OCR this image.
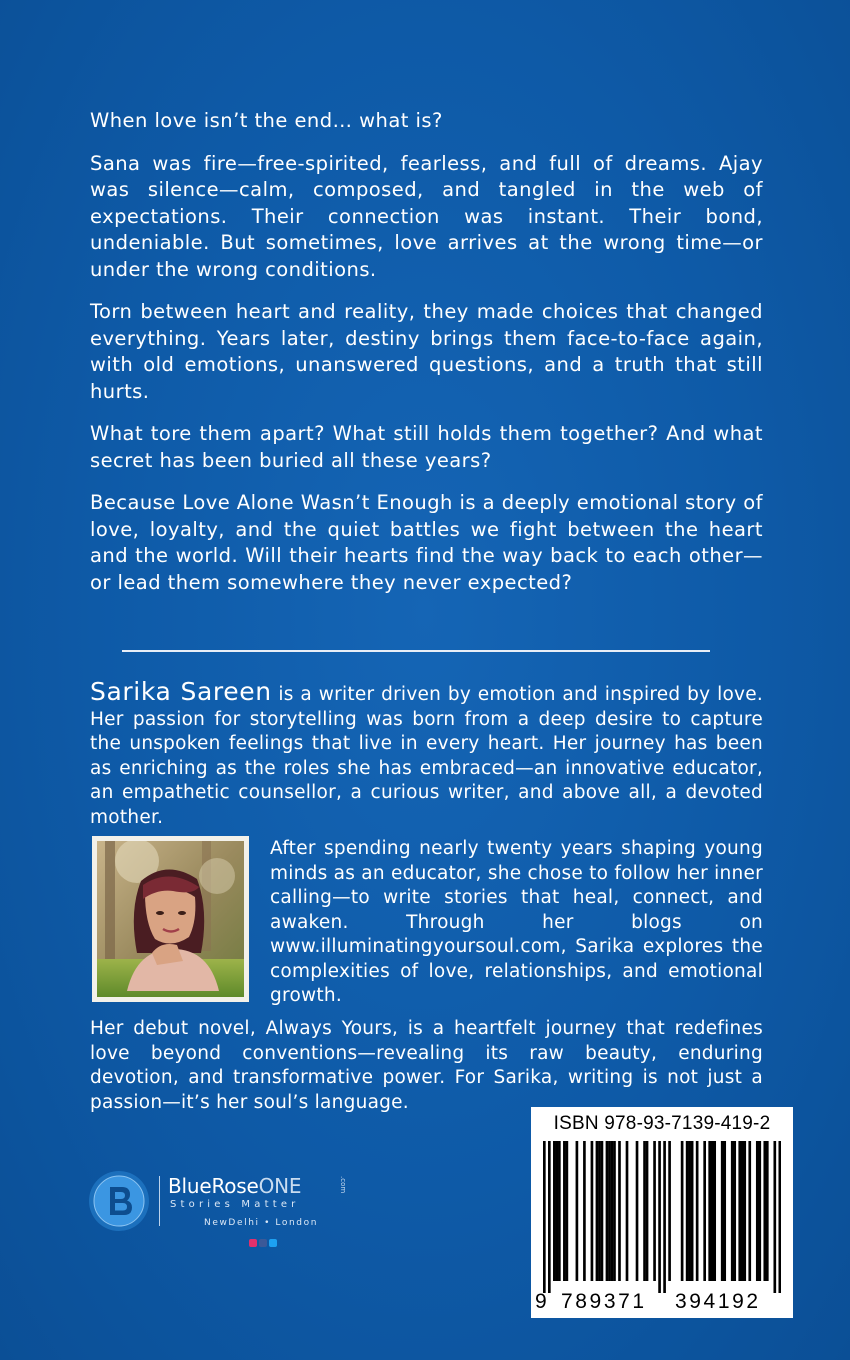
When love isn’t the end… what is?

Sana was fire—free-spirited, fearless, and full of dreams. Ajay was silence—calm, composed, and tangled in the web of expectations. Their connection was instant. Their bond, undeniable. But sometimes, love arrives at the wrong time—or under the wrong conditions.

Torn between heart and reality, they made choices that changed everything. Years later, destiny brings them face-to-face again, with old emotions, unanswered questions, and a truth that still hurts.

What tore them apart? What still holds them together? And what secret has been buried all these years?

Because Love Alone Wasn’t Enough is a deeply emotional story of love, loyalty, and the quiet battles we fight between the heart and the world. Will their hearts find the way back to each other—or lead them somewhere they never expected?

Sarika Sareen is a writer driven by emotion and inspired by love. Her passion for storytelling was born from a deep desire to capture the unspoken feelings that live in every heart. Her journey has been as enriching as the roles she has embraced—an innovative educator, an empathetic counsellor, a curious writer, and above all, a devoted mother.

After spending nearly twenty years shaping young minds as an educator, she chose to follow her inner calling—to write stories that heal, connect, and awaken. Through her blogs on www.illuminatingyoursoul.com, Sarika explores the complexities of love, relationships, and emotional growth.
Her debut novel, Always Yours, is a heartfelt journey that redefines love beyond conventions—revealing its raw beauty, enduring devotion, and transformative power. For Sarika, writing is not just a passion—it’s her soul’s language.
BlueRoseONE	.com
Stories Matter
NewDelhi • London
ISBN 978-93-7139-419-2
9 789371 394192
